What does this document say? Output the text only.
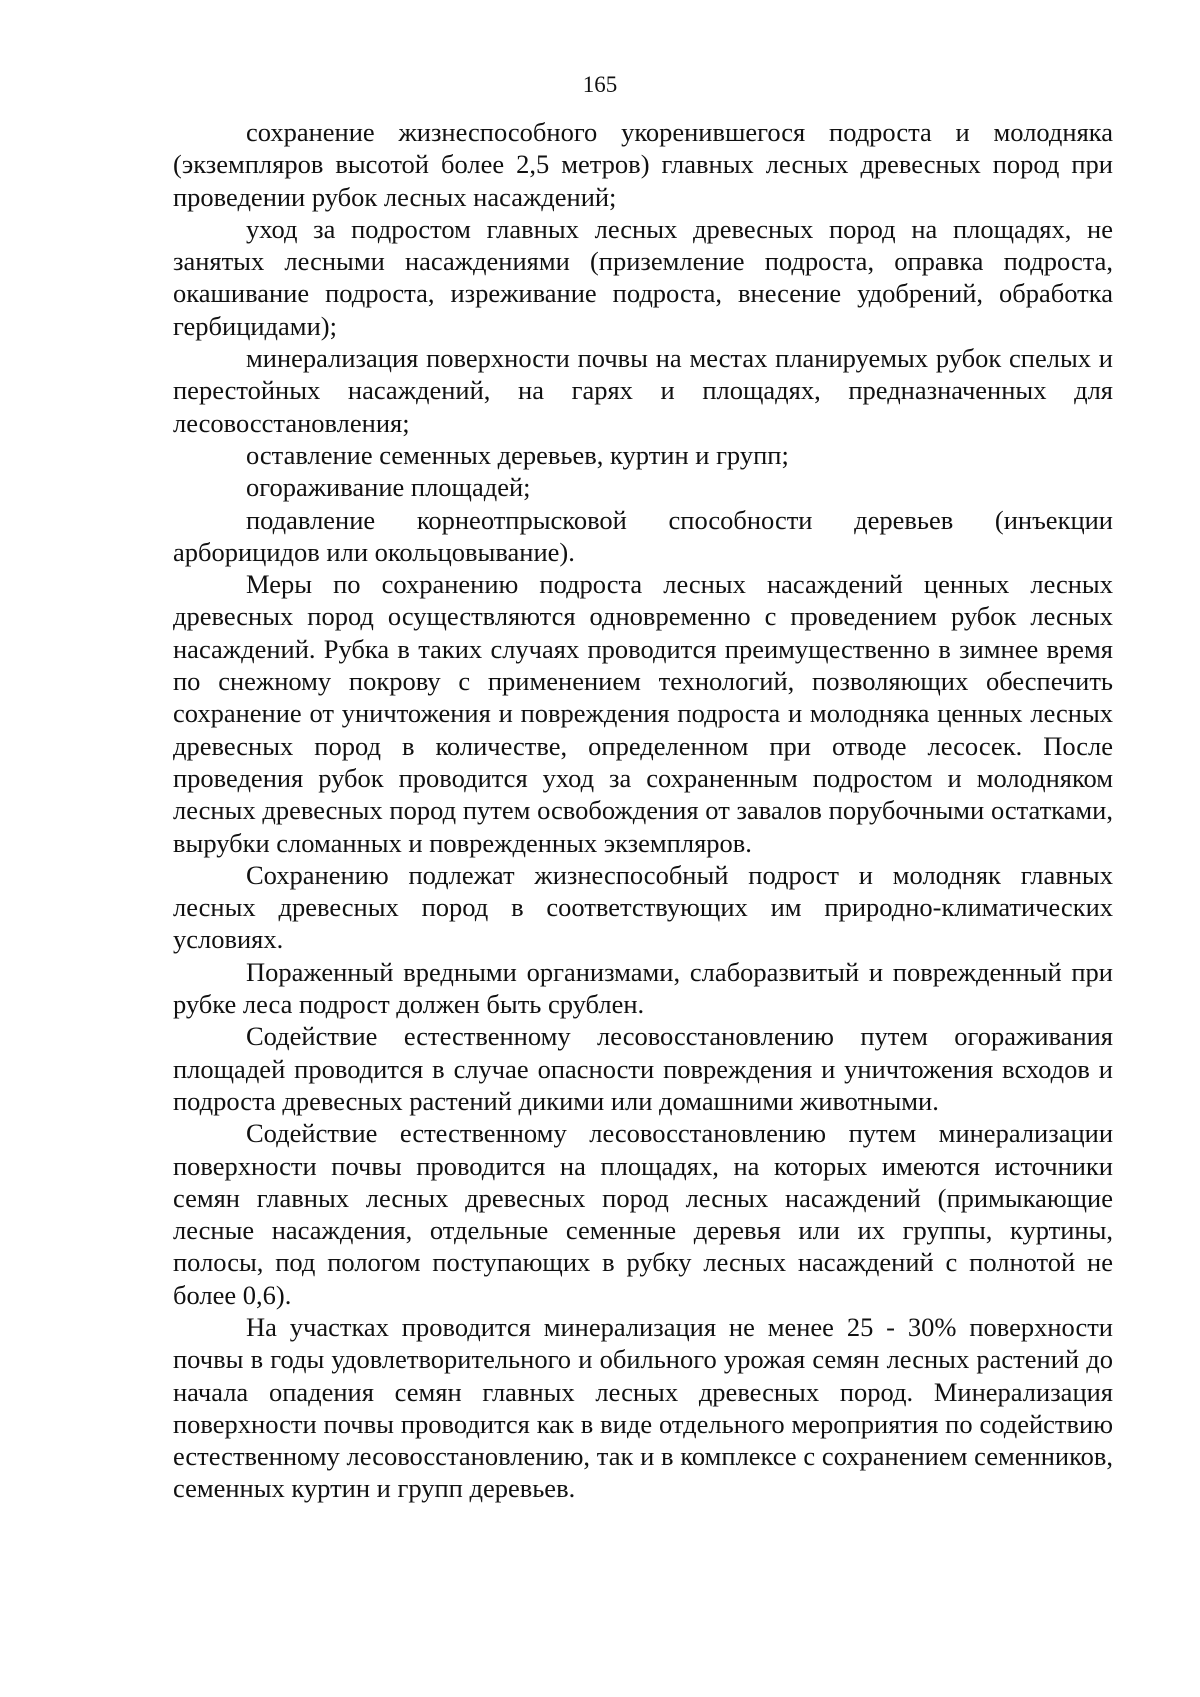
165

сохранение жизнеспособного укоренившегося подроста и молодняка (экземпляров высотой более 2,5 метров) главных лесных древесных пород при проведении рубок лесных насаждений;

уход за подростом главных лесных древесных пород на площадях, не занятых лесными насаждениями (приземление подроста, оправка подроста, окашивание подроста, изреживание подроста, внесение удобрений, обработка гербицидами);

минерализация поверхности почвы на местах планируемых рубок спелых и перестойных насаждений, на гарях и площадях, предназначенных для лесовосстановления;

оставление семенных деревьев, куртин и групп;

огораживание площадей;

подавление корнеотпрысковой способности деревьев (инъекции арборицидов или окольцовывание).

Меры по сохранению подроста лесных насаждений ценных лесных древесных пород осуществляются одновременно с проведением рубок лесных насаждений. Рубка в таких случаях проводится преимущественно в зимнее время по снежному покрову с применением технологий, позволяющих обеспечить сохранение от уничтожения и повреждения подроста и молодняка ценных лесных древесных пород в количестве, определенном при отводе лесосек. После проведения рубок проводится уход за сохраненным подростом и молодняком лесных древесных пород путем освобождения от завалов порубочными остатками, вырубки сломанных и поврежденных экземпляров.

Сохранению подлежат жизнеспособный подрост и молодняк главных лесных древесных пород в соответствующих им природно-климатических условиях.

Пораженный вредными организмами, слаборазвитый и поврежденный при рубке леса подрост должен быть срублен.

Содействие естественному лесовосстановлению путем огораживания площадей проводится в случае опасности повреждения и уничтожения всходов и подроста древесных растений дикими или домашними животными.

Содействие естественному лесовосстановлению путем минерализации поверхности почвы проводится на площадях, на которых имеются источники семян главных лесных древесных пород лесных насаждений (примыкающие лесные насаждения, отдельные семенные деревья или их группы, куртины, полосы, под пологом поступающих в рубку лесных насаждений с полнотой не более 0,6).

На участках проводится минерализация не менее 25 - 30% поверхности почвы в годы удовлетворительного и обильного урожая семян лесных растений до начала опадения семян главных лесных древесных пород. Минерализация поверхности почвы проводится как в виде отдельного мероприятия по содействию естественному лесовосстановлению, так и в комплексе с сохранением семенников, семенных куртин и групп деревьев.
